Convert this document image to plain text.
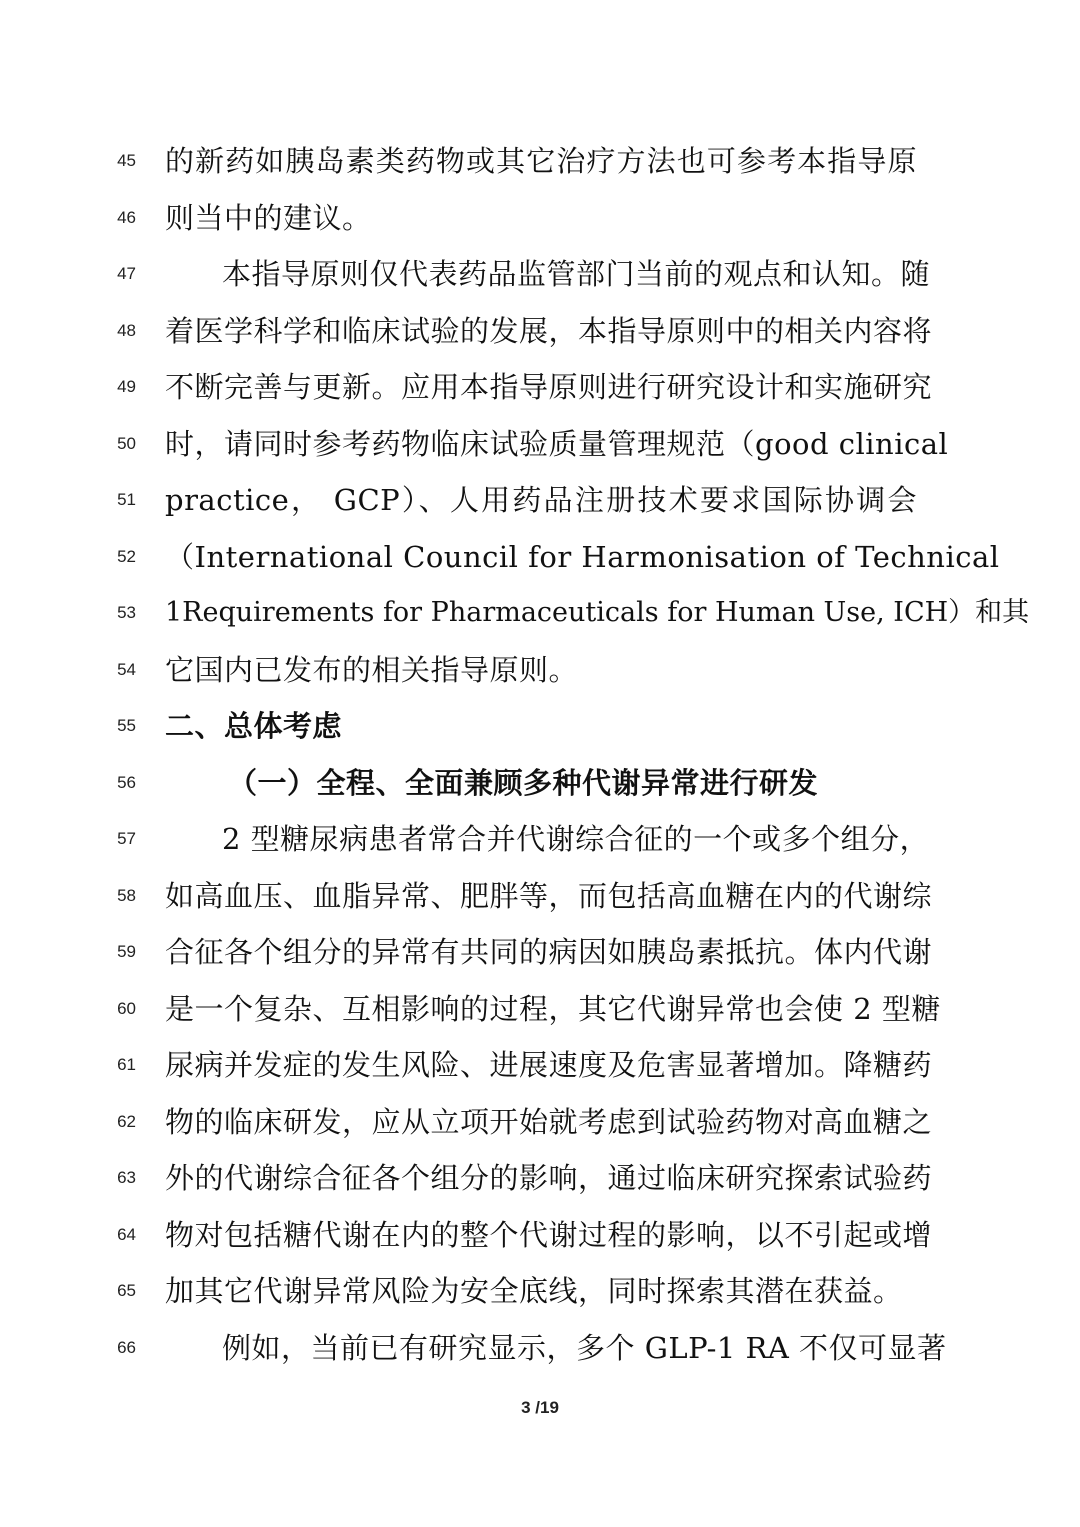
45 的新药如胰岛素类药物或其它治疗方法也可参考本指导原
46 则当中的建议。
47	本指导原则仅代表药品监管部门当前的观点和认知。随
48 着医学科学和临床试验的发展，本指导原则中的相关内容将
49 不断完善与更新。应用本指导原则进行研究设计和实施研究
50 时，请同时参考药物临床试验质量管理规范（good clinical
51 practice， GCP）、人用药品注册技术要求国际协调会
52 （International Council for Harmonisation of Technical
53 1Requirements for Pharmaceuticals for Human Use, ICH）和其
54 它国内已发布的相关指导原则。
55 二、总体考虑
56	（一）全程、全面兼顾多种代谢异常进行研发
57	2 型糖尿病患者常合并代谢综合征的一个或多个组分，
58 如高血压、血脂异常、肥胖等，而包括高血糖在内的代谢综
59 合征各个组分的异常有共同的病因如胰岛素抵抗。体内代谢
60 是一个复杂、互相影响的过程，其它代谢异常也会使 2 型糖
61 尿病并发症的发生风险、进展速度及危害显著增加。降糖药
62 物的临床研发，应从立项开始就考虑到试验药物对高血糖之
63 外的代谢综合征各个组分的影响，通过临床研究探索试验药
64 物对包括糖代谢在内的整个代谢过程的影响，以不引起或增
65 加其它代谢异常风险为安全底线，同时探索其潜在获益。
66	例如，当前已有研究显示，多个 GLP-1 RA 不仅可显著
3 /19
